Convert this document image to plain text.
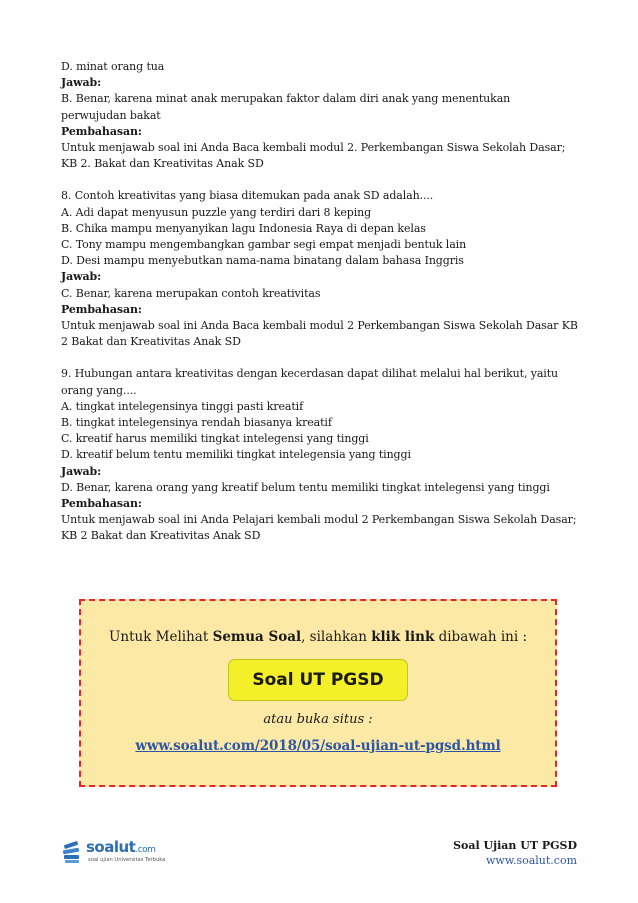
D. minat orang tua
Jawab:
B. Benar, karena minat anak merupakan faktor dalam diri anak yang menentukan
perwujudan bakat
Pembahasan:
Untuk menjawab soal ini Anda Baca kembali modul 2. Perkembangan Siswa Sekolah Dasar;
KB 2. Bakat dan Kreativitas Anak SD
8. Contoh kreativitas yang biasa ditemukan pada anak SD adalah....
A. Adi dapat menyusun puzzle yang terdiri dari 8 keping
B. Chika mampu menyanyikan lagu Indonesia Raya di depan kelas
C. Tony mampu mengembangkan gambar segi empat menjadi bentuk lain
D. Desi mampu menyebutkan nama-nama binatang dalam bahasa Inggris
Jawab:
C. Benar, karena merupakan contoh kreativitas
Pembahasan:
Untuk menjawab soal ini Anda Baca kembali modul 2 Perkembangan Siswa Sekolah Dasar KB
2 Bakat dan Kreativitas Anak SD
9. Hubungan antara kreativitas dengan kecerdasan dapat dilihat melalui hal berikut, yaitu
orang yang....
A. tingkat intelegensinya tinggi pasti kreatif
B. tingkat intelegensinya rendah biasanya kreatif
C. kreatif harus memiliki tingkat intelegensi yang tinggi
D. kreatif belum tentu memiliki tingkat intelegensia yang tinggi
Jawab:
D. Benar, karena orang yang kreatif belum tentu memiliki tingkat intelegensi yang tinggi
Pembahasan:
Untuk menjawab soal ini Anda Pelajari kembali modul 2 Perkembangan Siswa Sekolah Dasar;
KB 2 Bakat dan Kreativitas Anak SD
Untuk Melihat Semua Soal, silahkan klik link dibawah ini :
Soal UT PGSD
atau buka situs :
www.soalut.com/2018/05/soal-ujian-ut-pgsd.html
soalut.com
soal ujian Universitas Terbuka
Soal Ujian UT PGSD
www.soalut.com
